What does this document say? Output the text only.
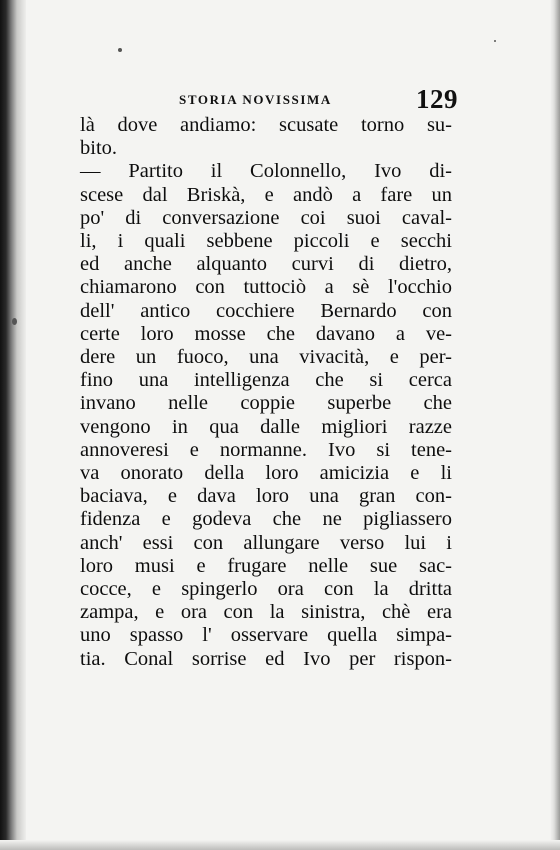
STORIA NOVISSIMA	129
là dove andiamo: scusate torno su-
bito.
— Partito il Colonnello, Ivo di-
scese dal Briskà, e andò a fare un
po' di conversazione coi suoi caval-
li, i quali sebbene piccoli e secchi
ed anche alquanto curvi di dietro,
chiamarono con tuttociò a sè l'occhio
dell' antico cocchiere Bernardo con
certe loro mosse che davano a ve-
dere un fuoco, una vivacità, e per-
fino una intelligenza che si cerca
invano nelle coppie superbe che
vengono in qua dalle migliori razze
annoveresi e normanne. Ivo si tene-
va onorato della loro amicizia e li
baciava, e dava loro una gran con-
fidenza e godeva che ne pigliassero
anch' essi con allungare verso lui i
loro musi e frugare nelle sue sac-
cocce, e spingerlo ora con la dritta
zampa, e ora con la sinistra, chè era
uno spasso l' osservare quella simpa-
tia. Conal sorrise ed Ivo per rispon-
